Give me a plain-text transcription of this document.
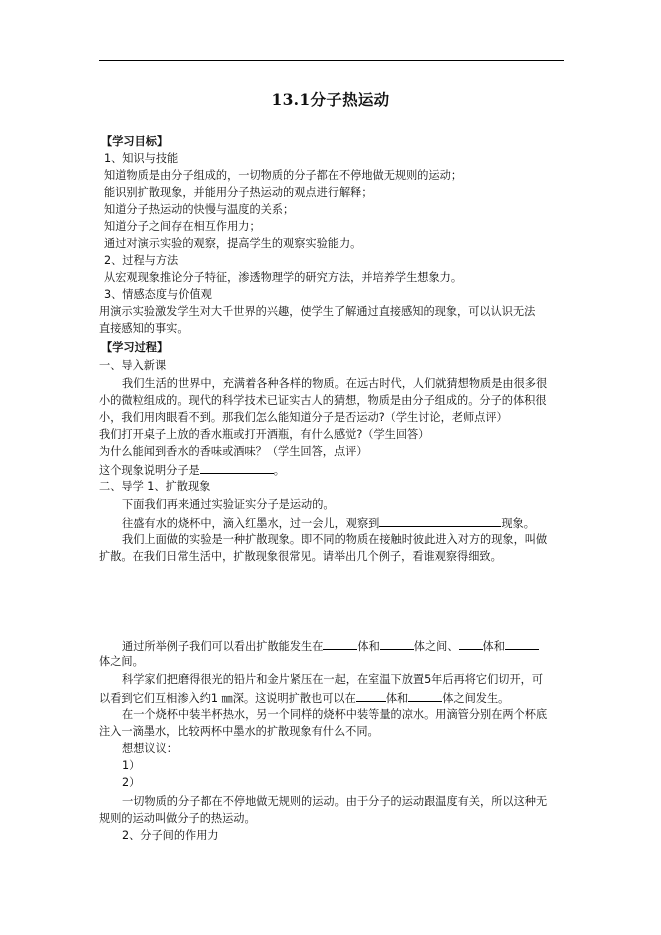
13.1分子热运动
【学习目标】
1、知识与技能
知道物质是由分子组成的，一切物质的分子都在不停地做无规则的运动；
能识别扩散现象，并能用分子热运动的观点进行解释；
知道分子热运动的快慢与温度的关系；
知道分子之间存在相互作用力；
通过对演示实验的观察，提高学生的观察实验能力。
2、过程与方法
从宏观现象推论分子特征，渗透物理学的研究方法，并培养学生想象力。
3、情感态度与价值观
用演示实验激发学生对大千世界的兴趣，使学生了解通过直接感知的现象，可以认识无法
直接感知的事实。
【学习过程】
一、导入新课
我们生活的世界中，充满着各种各样的物质。在远古时代，人们就猜想物质是由很多很
小的微粒组成的。现代的科学技术已证实古人的猜想，物质是由分子组成的。分子的体积很
小，我们用肉眼看不到。那我们怎么能知道分子是否运动?（学生讨论，老师点评）
我们打开桌子上放的香水瓶或打开酒瓶，有什么感觉?（学生回答）
为什么能闻到香水的香味或酒味？（学生回答，点评）
这个现象说明分子是	。
二、导学 1、扩散现象
下面我们再来通过实验证实分子是运动的。
往盛有水的烧杯中，滴入红墨水，过一会儿，观察到	现象。
我们上面做的实验是一种扩散现象。即不同的物质在接触时彼此进入对方的现象，叫做
扩散。在我们日常生活中，扩散现象很常见。请举出几个例子，看谁观察得细致。
通过所举例子我们可以看出扩散能发生在	体和	体之间、 体和
体之间。
科学家们把磨得很光的铅片和金片紧压在一起，在室温下放置5年后再将它们切开，可
以看到它们互相渗入约1 ㎜深。这说明扩散也可以在	体和	体之间发生。
在一个烧杯中装半杯热水，另一个同样的烧杯中装等量的凉水。用滴管分别在两个杯底
注入一滴墨水，比较两杯中墨水的扩散现象有什么不同。
想想议议：
1）
2）
一切物质的分子都在不停地做无规则的运动。由于分子的运动跟温度有关，所以这种无
规则的运动叫做分子的热运动。
2、分子间的作用力
